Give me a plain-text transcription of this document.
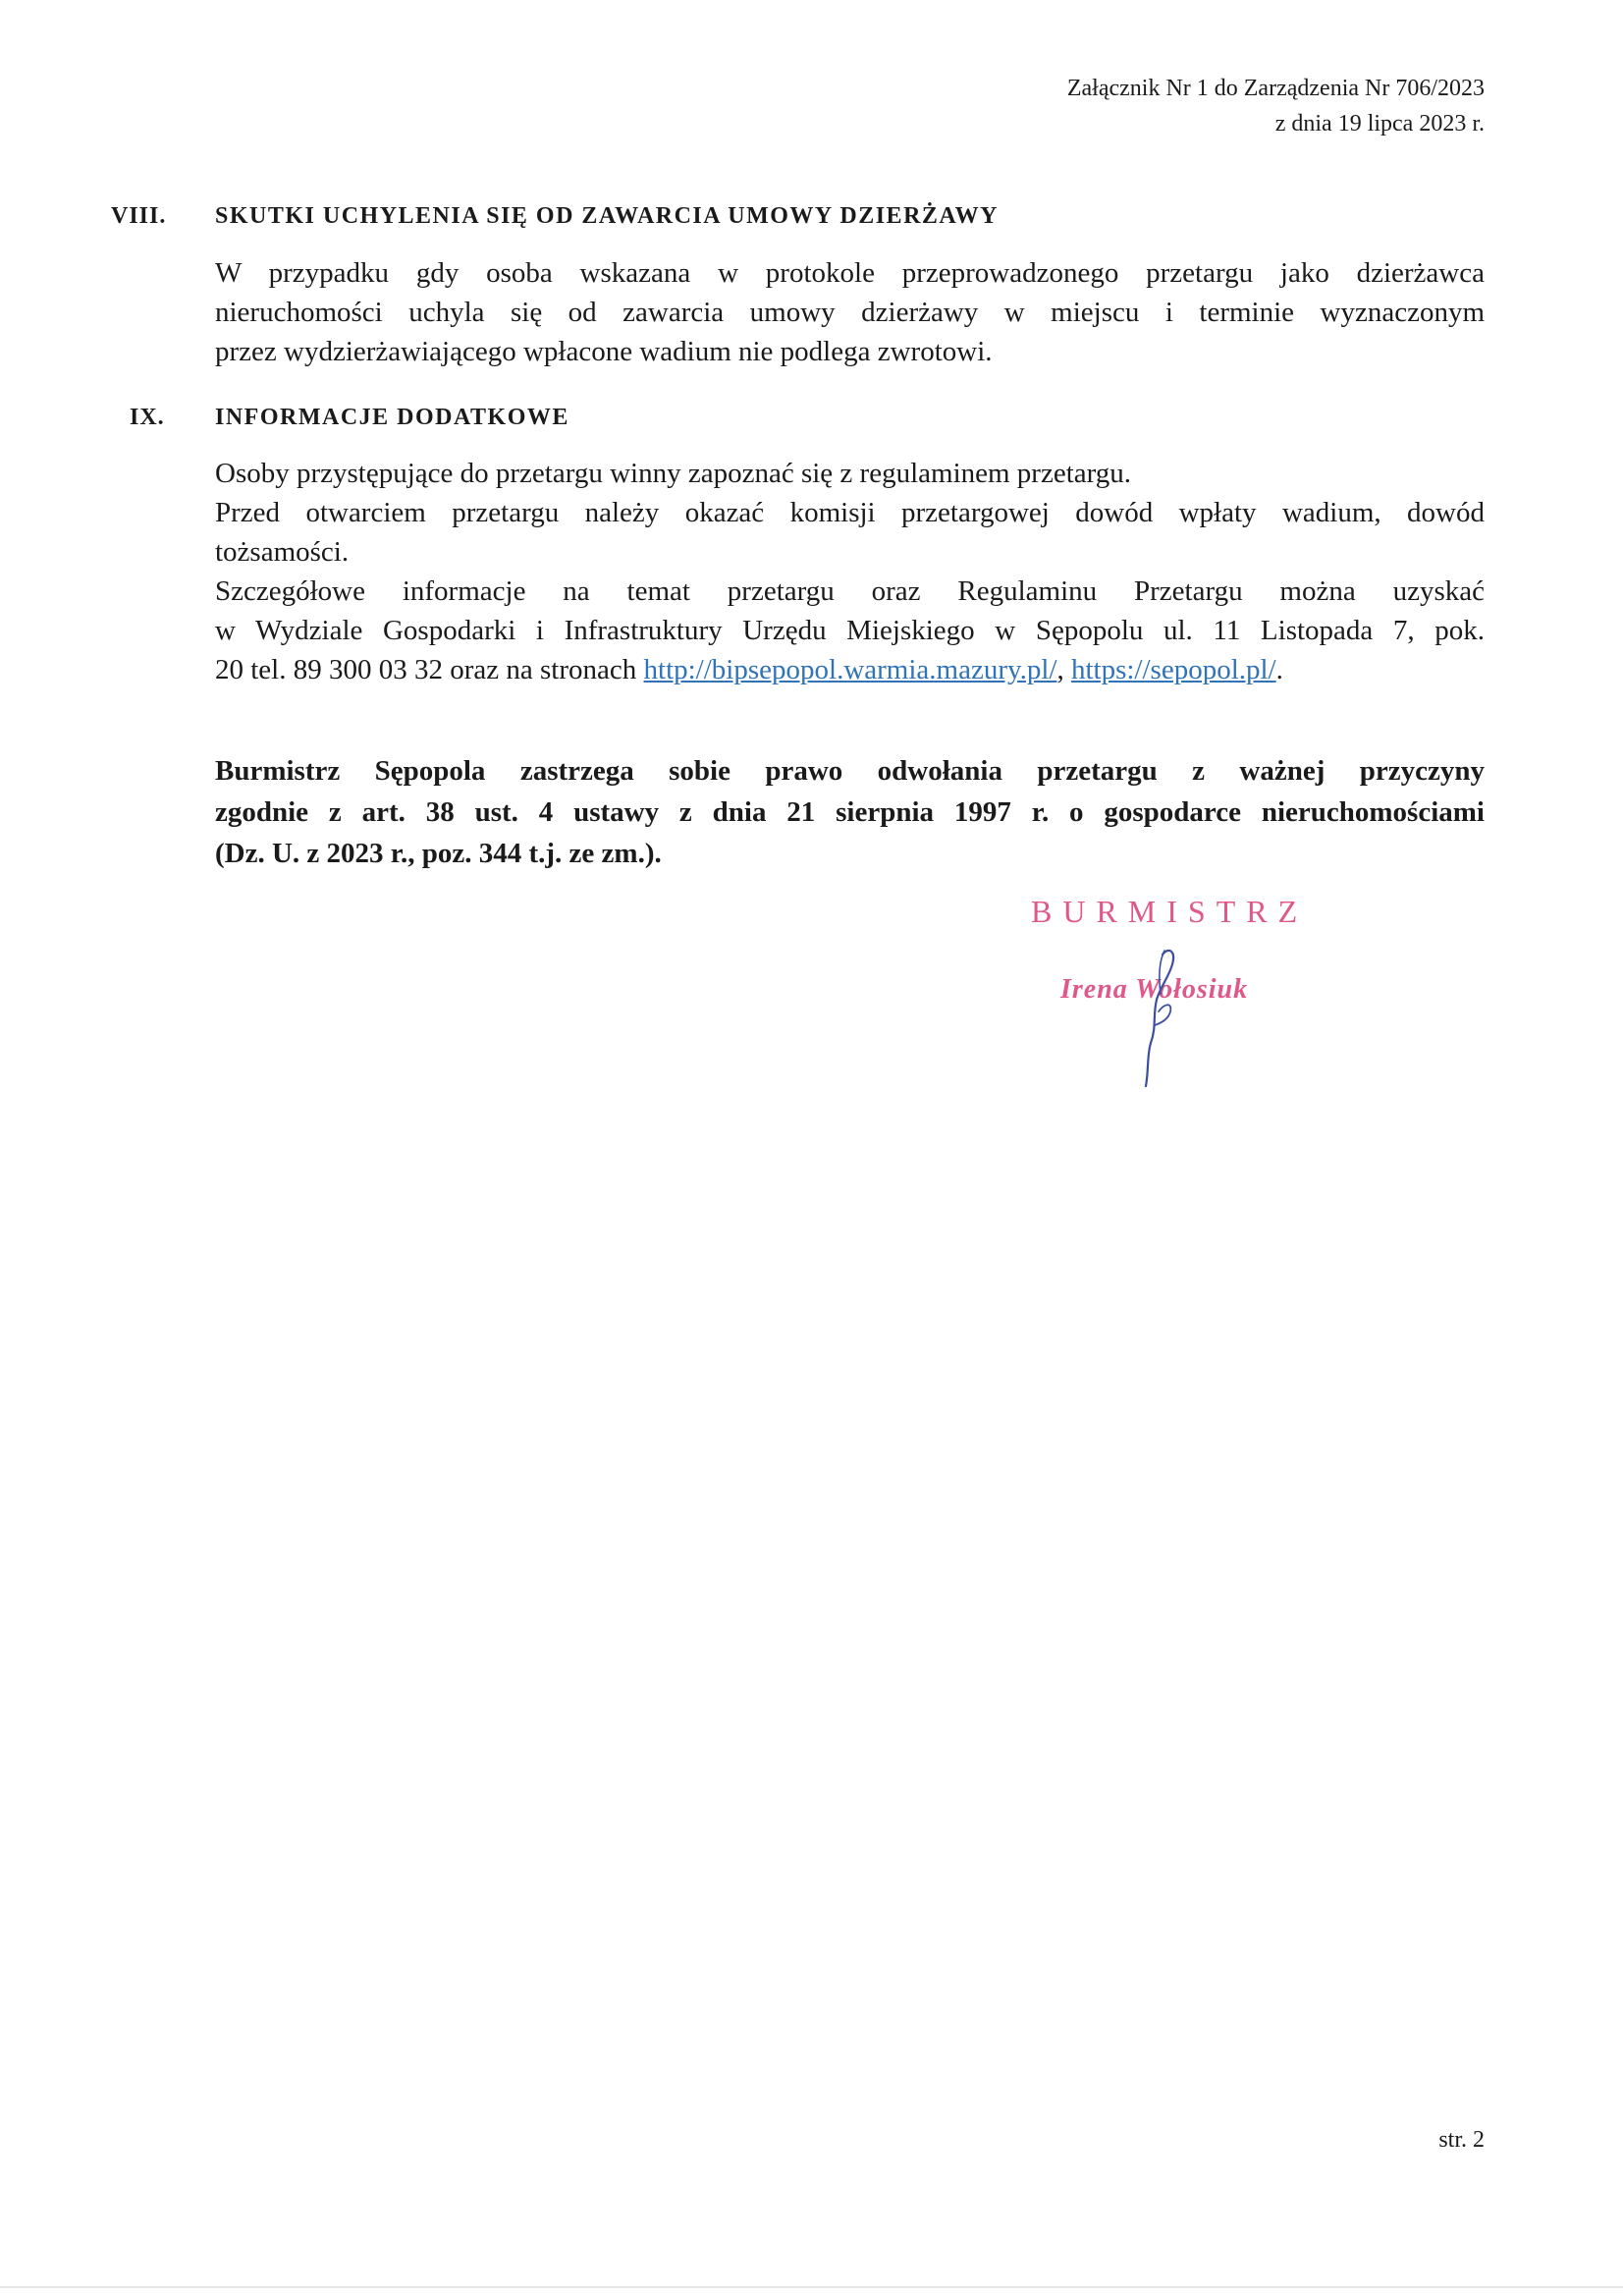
Załącznik Nr 1 do Zarządzenia Nr 706/2023
z dnia 19 lipca 2023 r.
VIII. SKUTKI UCHYLENIA SIĘ OD ZAWARCIA UMOWY DZIERŻAWY
W przypadku gdy osoba wskazana w protokole przeprowadzonego przetargu jako dzierżawca
nieruchomości uchyla się od zawarcia umowy dzierżawy w miejscu i terminie wyznaczonym
przez wydzierżawiającego wpłacone wadium nie podlega zwrotowi.
IX. INFORMACJE DODATKOWE
Osoby przystępujące do przetargu winny zapoznać się z regulaminem przetargu.
Przed otwarciem przetargu należy okazać komisji przetargowej dowód wpłaty wadium, dowód
tożsamości.
Szczegółowe informacje na temat przetargu oraz Regulaminu Przetargu można uzyskać
w Wydziale Gospodarki i Infrastruktury Urzędu Miejskiego w Sępopolu ul. 11 Listopada 7, pok.
20 tel. 89 300 03 32 oraz na stronach http://bipsepopol.warmia.mazury.pl/, https://sepopol.pl/.
Burmistrz Sępopola zastrzega sobie prawo odwołania przetargu z ważnej przyczyny
zgodnie z art. 38 ust. 4 ustawy z dnia 21 sierpnia 1997 r. o gospodarce nieruchomościami
(Dz. U. z 2023 r., poz. 344 t.j. ze zm.).
BURMISTRZ
Irena Wołosiuk
str. 2
